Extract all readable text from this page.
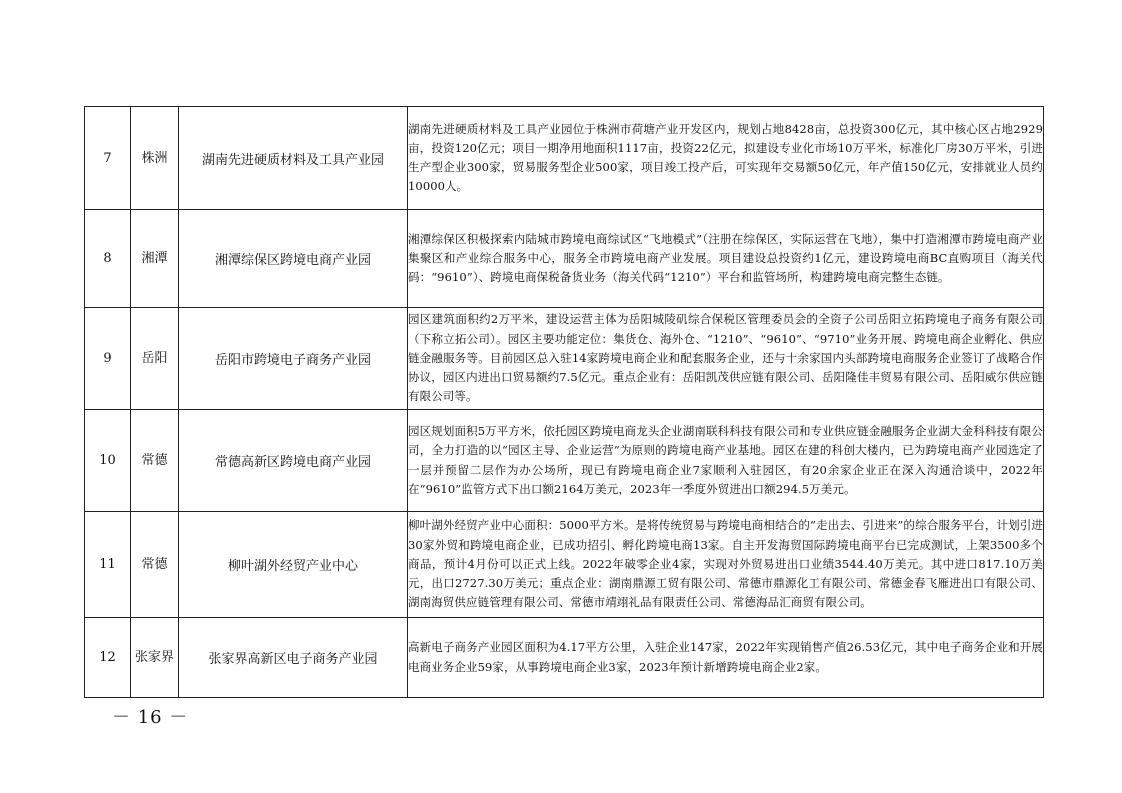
7	株洲	湖南先进硬质材料及工具产业园	湖南先进硬质材料及工具产业园位于株洲市荷塘产业开发区内，规划占地8428亩，总投资300亿元，其中核心区占地2929亩，投资120亿元；项目一期净用地面积1117亩，投资22亿元，拟建设专业化市场10万平米，标准化厂房30万平米，引进生产型企业300家，贸易服务型企业500家，项目竣工投产后，可实现年交易额50亿元，年产值150亿元，安排就业人员约10000人。
8	湘潭	湘潭综保区跨境电商产业园	湘潭综保区积极探索内陆城市跨境电商综试区“飞地模式”（注册在综保区，实际运营在飞地），集中打造湘潭市跨境电商产业集聚区和产业综合服务中心，服务全市跨境电商产业发展。项目建设总投资约1亿元，建设跨境电商BC直购项目（海关代码：“9610”）、跨境电商保税备货业务（海关代码“1210”）平台和监管场所，构建跨境电商完整生态链。
9	岳阳	岳阳市跨境电子商务产业园	园区建筑面积约2万平米，建设运营主体为岳阳城陵矶综合保税区管理委员会的全资子公司岳阳立拓跨境电子商务有限公司（下称立拓公司）。园区主要功能定位：集货仓、海外仓、“1210”、“9610”、“9710”业务开展、跨境电商企业孵化、供应链金融服务等。目前园区总入驻14家跨境电商企业和配套服务企业，还与十余家国内头部跨境电商服务企业签订了战略合作协议，园区内进出口贸易额约7.5亿元。重点企业有：岳阳凯茂供应链有限公司、岳阳隆佳丰贸易有限公司、岳阳威尔供应链有限公司等。
10	常德	常德高新区跨境电商产业园	园区规划面积5万平方米，依托园区跨境电商龙头企业湖南联科科技有限公司和专业供应链金融服务企业湖大金科科技有限公司，全力打造的以“园区主导、企业运营”为原则的跨境电商产业基地。园区在建的科创大楼内，已为跨境电商产业园选定了一层并预留二层作为办公场所，现已有跨境电商企业7家顺利入驻园区，有20余家企业正在深入沟通洽谈中，2022年在“9610”监管方式下出口额2164万美元，2023年一季度外贸进出口额294.5万美元。
11	常德	柳叶湖外经贸产业中心	柳叶湖外经贸产业中心面积：5000平方米。是将传统贸易与跨境电商相结合的“走出去、引进来”的综合服务平台，计划引进30家外贸和跨境电商企业，已成功招引、孵化跨境电商13家。自主开发海贸国际跨境电商平台已完成测试，上架3500多个商品，预计4月份可以正式上线。2022年破零企业4家，实现对外贸易进出口业绩3544.40万美元。其中进口817.10万美元，出口2727.30万美元；重点企业：湖南鼎源工贸有限公司、常德市鼎源化工有限公司、常德金春飞雁进出口有限公司、湖南海贸供应链管理有限公司、常德市靖翊礼品有限责任公司、常德海品汇商贸有限公司。
12	张家界	张家界高新区电子商务产业园	高新电子商务产业园区面积为4.17平方公里，入驻企业147家，2022年实现销售产值26.53亿元，其中电子商务企业和开展电商业务企业59家，从事跨境电商企业3家，2023年预计新增跨境电商企业2家。
－ 16 －
